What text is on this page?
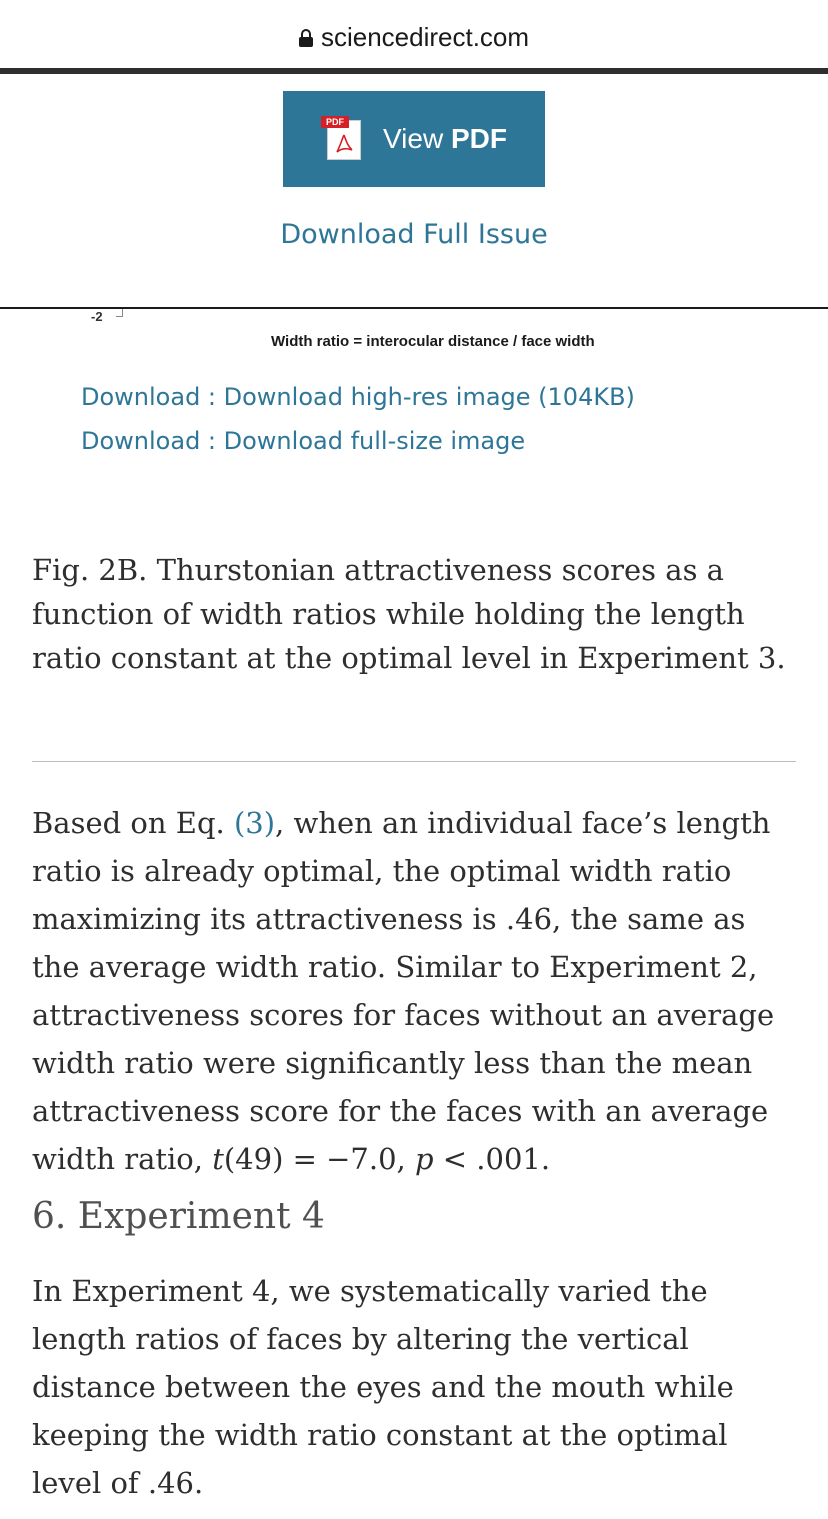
sciencedirect.com
PDF
View PDF
Download Full Issue
-2
Width ratio = interocular distance / face width
Download : Download high-res image (104KB)
Download : Download full-size image

Fig. 2B. Thurstonian attractiveness scores as a function of width ratios while holding the length ratio constant at the optimal level in Experiment 3.

Based on Eq. (3), when an individual face’s length ratio is already optimal, the optimal width ratio maximizing its attractiveness is .46, the same as the average width ratio. Similar to Experiment 2, attractiveness scores for faces without an average width ratio were significantly less than the mean attractiveness score for the faces with an average width ratio, t(49) = −7.0, p < .001.

6. Experiment 4

In Experiment 4, we systematically varied the length ratios of faces by altering the vertical distance between the eyes and the mouth while keeping the width ratio constant at the optimal level of .46.
